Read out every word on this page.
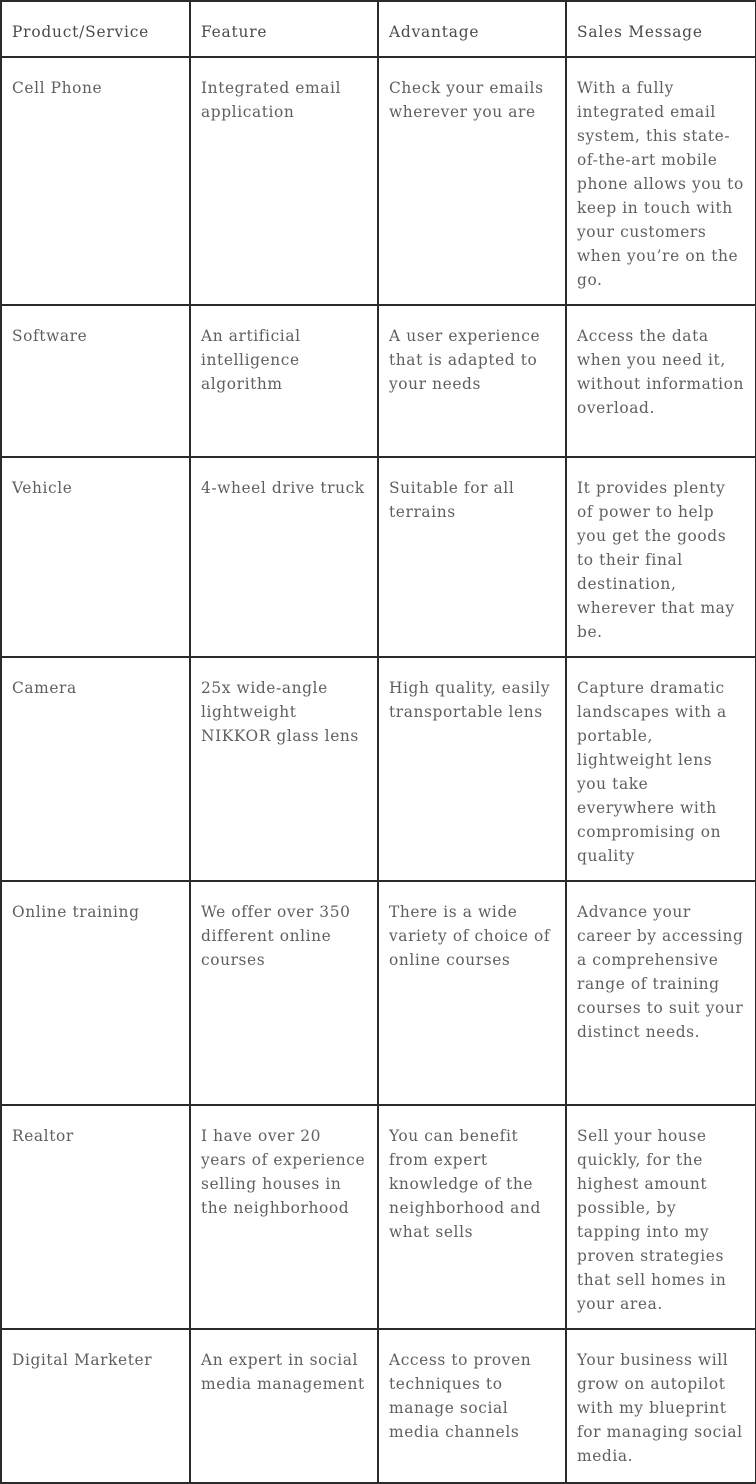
Product/Service	Feature	Advantage	Sales Message
Cell Phone	Integrated email application	Check your emails wherever you are	With a fully integrated email system, this state-of-the-art mobile phone allows you to keep in touch with your customers when you’re on the go.
Software	An artificial intelligence algorithm	A user experience that is adapted to your needs	Access the data when you need it, without information overload.
Vehicle	4-wheel drive truck	Suitable for all terrains	It provides plenty of power to help you get the goods to their final destination, wherever that may be.
Camera	25x wide-angle lightweight NIKKOR glass lens	High quality, easily transportable lens	Capture dramatic landscapes with a portable, lightweight lens you take everywhere with compromising on quality
Online training	We offer over 350 different online courses	There is a wide variety of choice of online courses	Advance your career by accessing a comprehensive range of training courses to suit your distinct needs.
Realtor	I have over 20 years of experience selling houses in the neighborhood	You can benefit from expert knowledge of the neighborhood and what sells	Sell your house quickly, for the highest amount possible, by tapping into my proven strategies that sell homes in your area.
Digital Marketer	An expert in social media management	Access to proven techniques to manage social media channels	Your business will grow on autopilot with my blueprint for managing social media.
